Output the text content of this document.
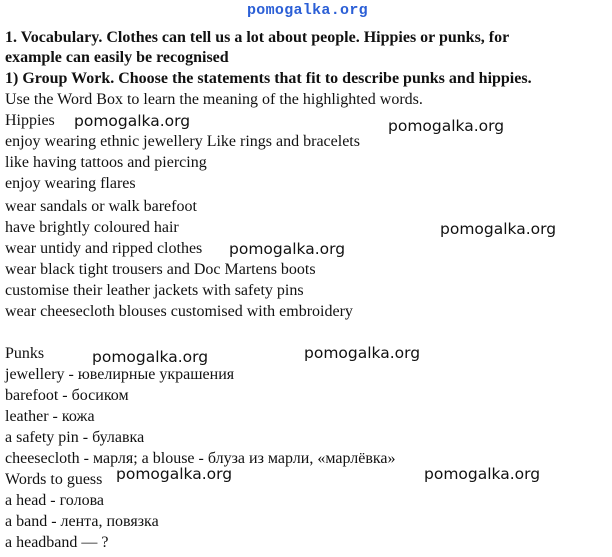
pomogalka.org
1. Vocabulary. Clothes can tell us a lot about people. Hippies or punks, for
example can easily be recognised
1) Group Work. Choose the statements that fit to describe punks and hippies.
Use the Word Box to learn the meaning of the highlighted words.
Hippies
enjoy wearing ethnic jewellery Like rings and bracelets
like having tattoos and piercing
enjoy wearing flares
wear sandals or walk barefoot
have brightly coloured hair
wear untidy and ripped clothes
wear black tight trousers and Doc Martens boots
customise their leather jackets with safety pins
wear cheesecloth blouses customised with embroidery
Punks
jewellery - ювелирные украшения
barefoot - босиком
leather - кожа
a safety pin - булавка
cheesecloth - марля; a blouse - блуза из марли, «марлёвка»
Words to guess
a head - голова
a band - лента, повязка
a headband — ?
pomogalka.org	pomogalka.org
pomogalka.org
pomogalka.org
pomogalka.org	pomogalka.org
pomogalka.org	pomogalka.org
